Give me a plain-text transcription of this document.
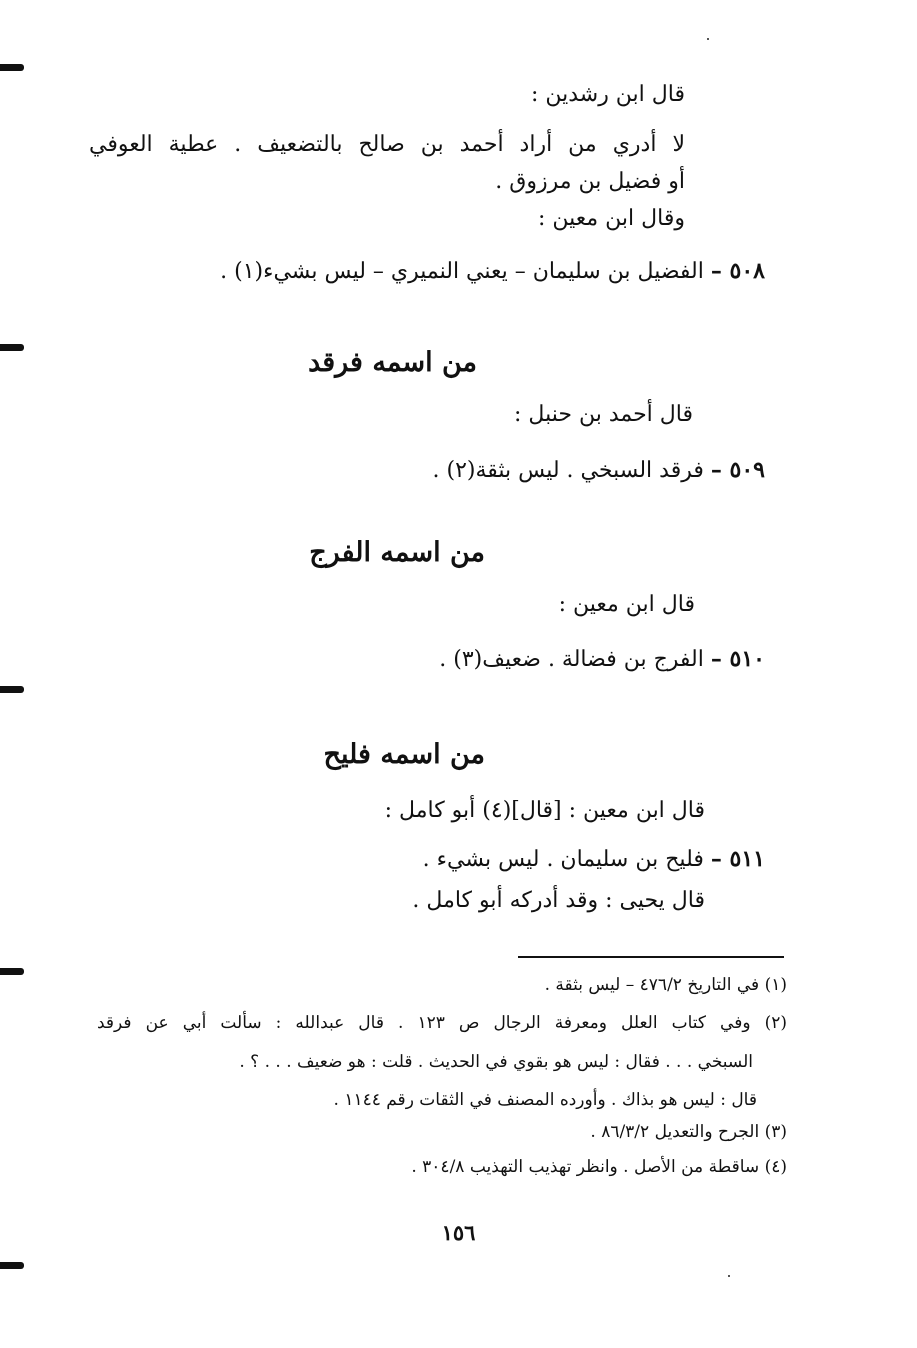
قال ابن رشدين :
لا أدري من أراد أحمد بن صالح بالتضعيف . عطية العوفي
أو فضيل بن مرزوق .
وقال ابن معين :
٥٠٨ – الفضيل بن سليمان – يعني النميري – ليس بشيء(١) .
من اسمه فرقد
قال أحمد بن حنبل :
٥٠٩ – فرقد السبخي . ليس بثقة(٢) .
من اسمه الفرج
قال ابن معين :
٥١٠ – الفرج بن فضالة . ضعيف(٣) .
من اسمه فليح
قال ابن معين : [قال](٤) أبو كامل :
٥١١ – فليح بن سليمان . ليس بشيء .
قال يحيى : وقد أدركه أبو كامل .
(١) في التاريخ ٤٧٦/٢ – ليس بثقة .
(٢) وفي كتاب العلل ومعرفة الرجال ص ١٢٣ . قال عبدالله : سألت أبي عن فرقد
السبخي . . . فقال : ليس هو بقوي في الحديث . قلت : هو ضعيف . . . ؟ .
قال : ليس هو بذاك . وأورده المصنف في الثقات رقم ١١٤٤ .
(٣) الجرح والتعديل ٨٦/٣/٢ .
(٤) ساقطة من الأصل . وانظر تهذيب التهذيب ٣٠٤/٨ .
١٥٦
